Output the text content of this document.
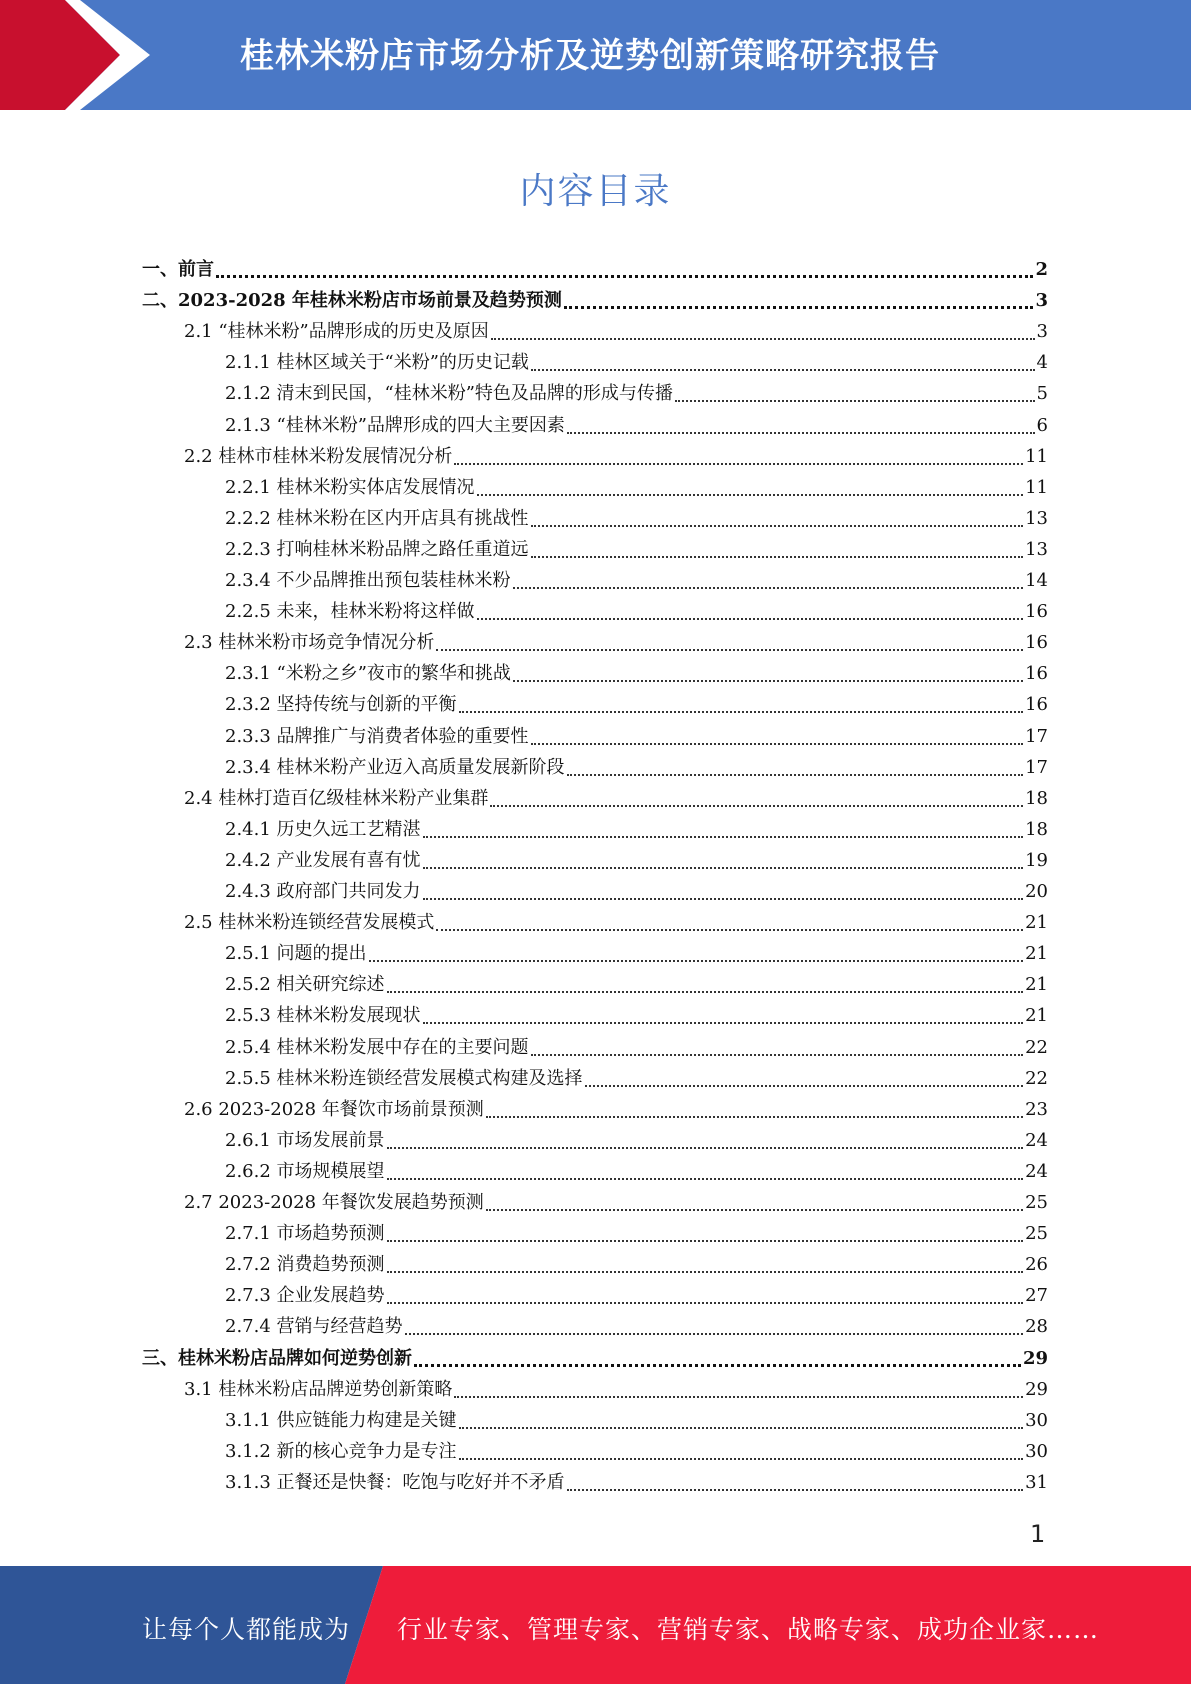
桂林米粉店市场分析及逆势创新策略研究报告
内容目录
一、前言	2
二、2023-2028 年桂林米粉店市场前景及趋势预测	3
2.1 “桂林米粉”品牌形成的历史及原因	3
2.1.1 桂林区域关于“米粉”的历史记载	4
2.1.2 清末到民国，“桂林米粉”特色及品牌的形成与传播	5
2.1.3 “桂林米粉”品牌形成的四大主要因素	6
2.2 桂林市桂林米粉发展情况分析	11
2.2.1 桂林米粉实体店发展情况	11
2.2.2 桂林米粉在区内开店具有挑战性	13
2.2.3 打响桂林米粉品牌之路任重道远	13
2.3.4 不少品牌推出预包装桂林米粉	14
2.2.5 未来，桂林米粉将这样做	16
2.3 桂林米粉市场竞争情况分析	16
2.3.1 “米粉之乡”夜市的繁华和挑战	16
2.3.2 坚持传统与创新的平衡	16
2.3.3 品牌推广与消费者体验的重要性	17
2.3.4 桂林米粉产业迈入高质量发展新阶段	17
2.4 桂林打造百亿级桂林米粉产业集群	18
2.4.1 历史久远工艺精湛	18
2.4.2 产业发展有喜有忧	19
2.4.3 政府部门共同发力	20
2.5 桂林米粉连锁经营发展模式	21
2.5.1 问题的提出	21
2.5.2 相关研究综述	21
2.5.3 桂林米粉发展现状	21
2.5.4 桂林米粉发展中存在的主要问题	22
2.5.5 桂林米粉连锁经营发展模式构建及选择	22
2.6 2023-2028 年餐饮市场前景预测	23
2.6.1 市场发展前景	24
2.6.2 市场规模展望	24
2.7 2023-2028 年餐饮发展趋势预测	25
2.7.1 市场趋势预测	25
2.7.2 消费趋势预测	26
2.7.3 企业发展趋势	27
2.7.4 营销与经营趋势	28
三、桂林米粉店品牌如何逆势创新	29
3.1 桂林米粉店品牌逆势创新策略	29
3.1.1 供应链能力构建是关键	30
3.1.2 新的核心竞争力是专注	30
3.1.3 正餐还是快餐：吃饱与吃好并不矛盾	31
1
让每个人都能成为 行业专家、管理专家、营销专家、战略专家、成功企业家……
